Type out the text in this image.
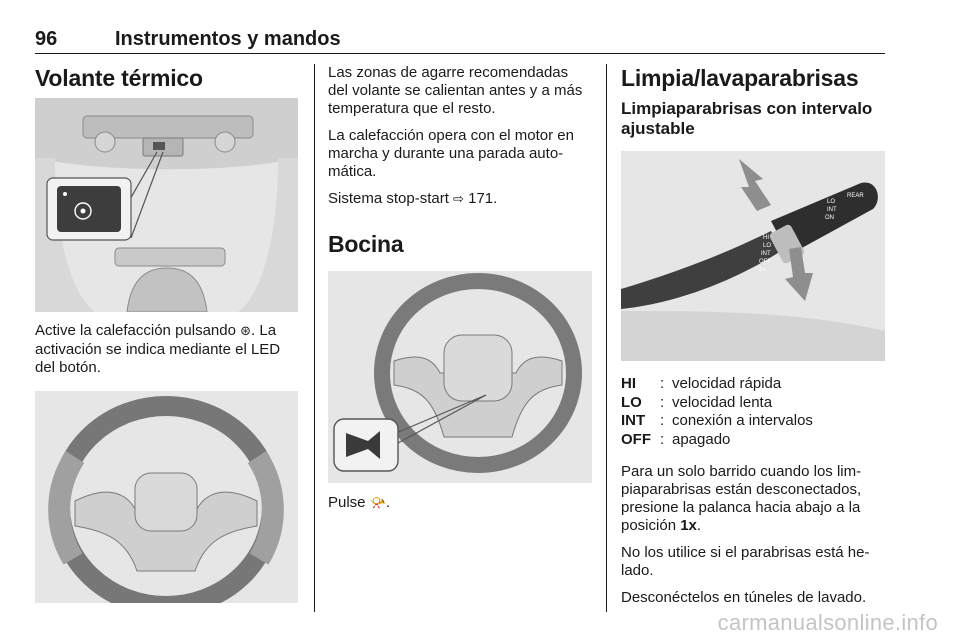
96	Instrumentos y mandos
Volante térmico

Active la calefacción pulsando ⊛. La activación se indica mediante el LED del botón.

Las zonas de agarre recomendadas del volante se calientan antes y a más temperatura que el resto.

La calefacción opera con el motor en marcha y durante una parada auto-mática.

Sistema stop-start ⇨ 171.

Bocina

Pulse 📯.

Limpia/lavaparabrisas
Limpiaparabrisas con intervalo ajustable
HI
LO
INT
OFF
1x
LO
INT
ON
REAR
HI	: velocidad rápida
LO	: velocidad lenta
INT : conexión a intervalos
OFF : apagado

Para un solo barrido cuando los lim-piaparabrisas están desconectados, presione la palanca hacia abajo a la posición 1x.

No los utilice si el parabrisas está he-lado.

Desconéctelos en túneles de lavado.

carmanualsonline.info
